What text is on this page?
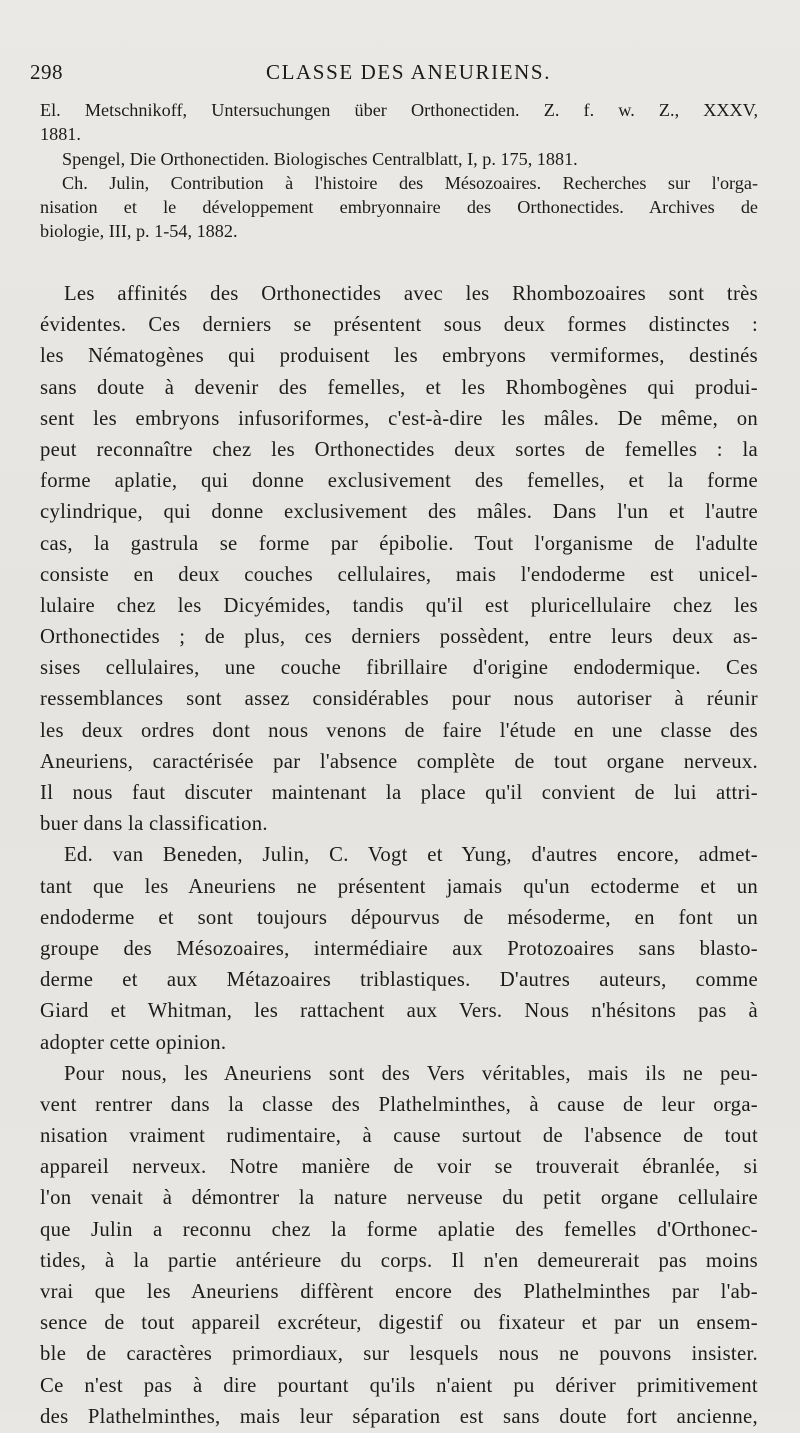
298	CLASSE DES ANEURIENS.
El. Metschnikoff, Untersuchungen über Orthonectiden. Z. f. w. Z., XXXV,
1881.
Spengel, Die Orthonectiden. Biologisches Centralblatt, I, p. 175, 1881.
Ch. Julin, Contribution à l'histoire des Mésozoaires. Recherches sur l'orga-
nisation et le développement embryonnaire des Orthonectides. Archives de
biologie, III, p. 1-54, 1882.
Les affinités des Orthonectides avec les Rhombozoaires sont très
évidentes. Ces derniers se présentent sous deux formes distinctes :
les Nématogènes qui produisent les embryons vermiformes, destinés
sans doute à devenir des femelles, et les Rhombogènes qui produi-
sent les embryons infusoriformes, c'est-à-dire les mâles. De même, on
peut reconnaître chez les Orthonectides deux sortes de femelles : la
forme aplatie, qui donne exclusivement des femelles, et la forme
cylindrique, qui donne exclusivement des mâles. Dans l'un et l'autre
cas, la gastrula se forme par épibolie. Tout l'organisme de l'adulte
consiste en deux couches cellulaires, mais l'endoderme est unicel-
lulaire chez les Dicyémides, tandis qu'il est pluricellulaire chez les
Orthonectides ; de plus, ces derniers possèdent, entre leurs deux as-
sises cellulaires, une couche fibrillaire d'origine endodermique. Ces
ressemblances sont assez considérables pour nous autoriser à réunir
les deux ordres dont nous venons de faire l'étude en une classe des
Aneuriens, caractérisée par l'absence complète de tout organe nerveux.
Il nous faut discuter maintenant la place qu'il convient de lui attri-
buer dans la classification.
Ed. van Beneden, Julin, C. Vogt et Yung, d'autres encore, admet-
tant que les Aneuriens ne présentent jamais qu'un ectoderme et un
endoderme et sont toujours dépourvus de mésoderme, en font un
groupe des Mésozoaires, intermédiaire aux Protozoaires sans blasto-
derme et aux Métazoaires triblastiques. D'autres auteurs, comme
Giard et Whitman, les rattachent aux Vers. Nous n'hésitons pas à
adopter cette opinion.
Pour nous, les Aneuriens sont des Vers véritables, mais ils ne peu-
vent rentrer dans la classe des Plathelminthes, à cause de leur orga-
nisation vraiment rudimentaire, à cause surtout de l'absence de tout
appareil nerveux. Notre manière de voir se trouverait ébranlée, si
l'on venait à démontrer la nature nerveuse du petit organe cellulaire
que Julin a reconnu chez la forme aplatie des femelles d'Orthonec-
tides, à la partie antérieure du corps. Il n'en demeurerait pas moins
vrai que les Aneuriens diffèrent encore des Plathelminthes par l'ab-
sence de tout appareil excréteur, digestif ou fixateur et par un ensem-
ble de caractères primordiaux, sur lesquels nous ne pouvons insister.
Ce n'est pas à dire pourtant qu'ils n'aient pu dériver primitivement
des Plathelminthes, mais leur séparation est sans doute fort ancienne,
